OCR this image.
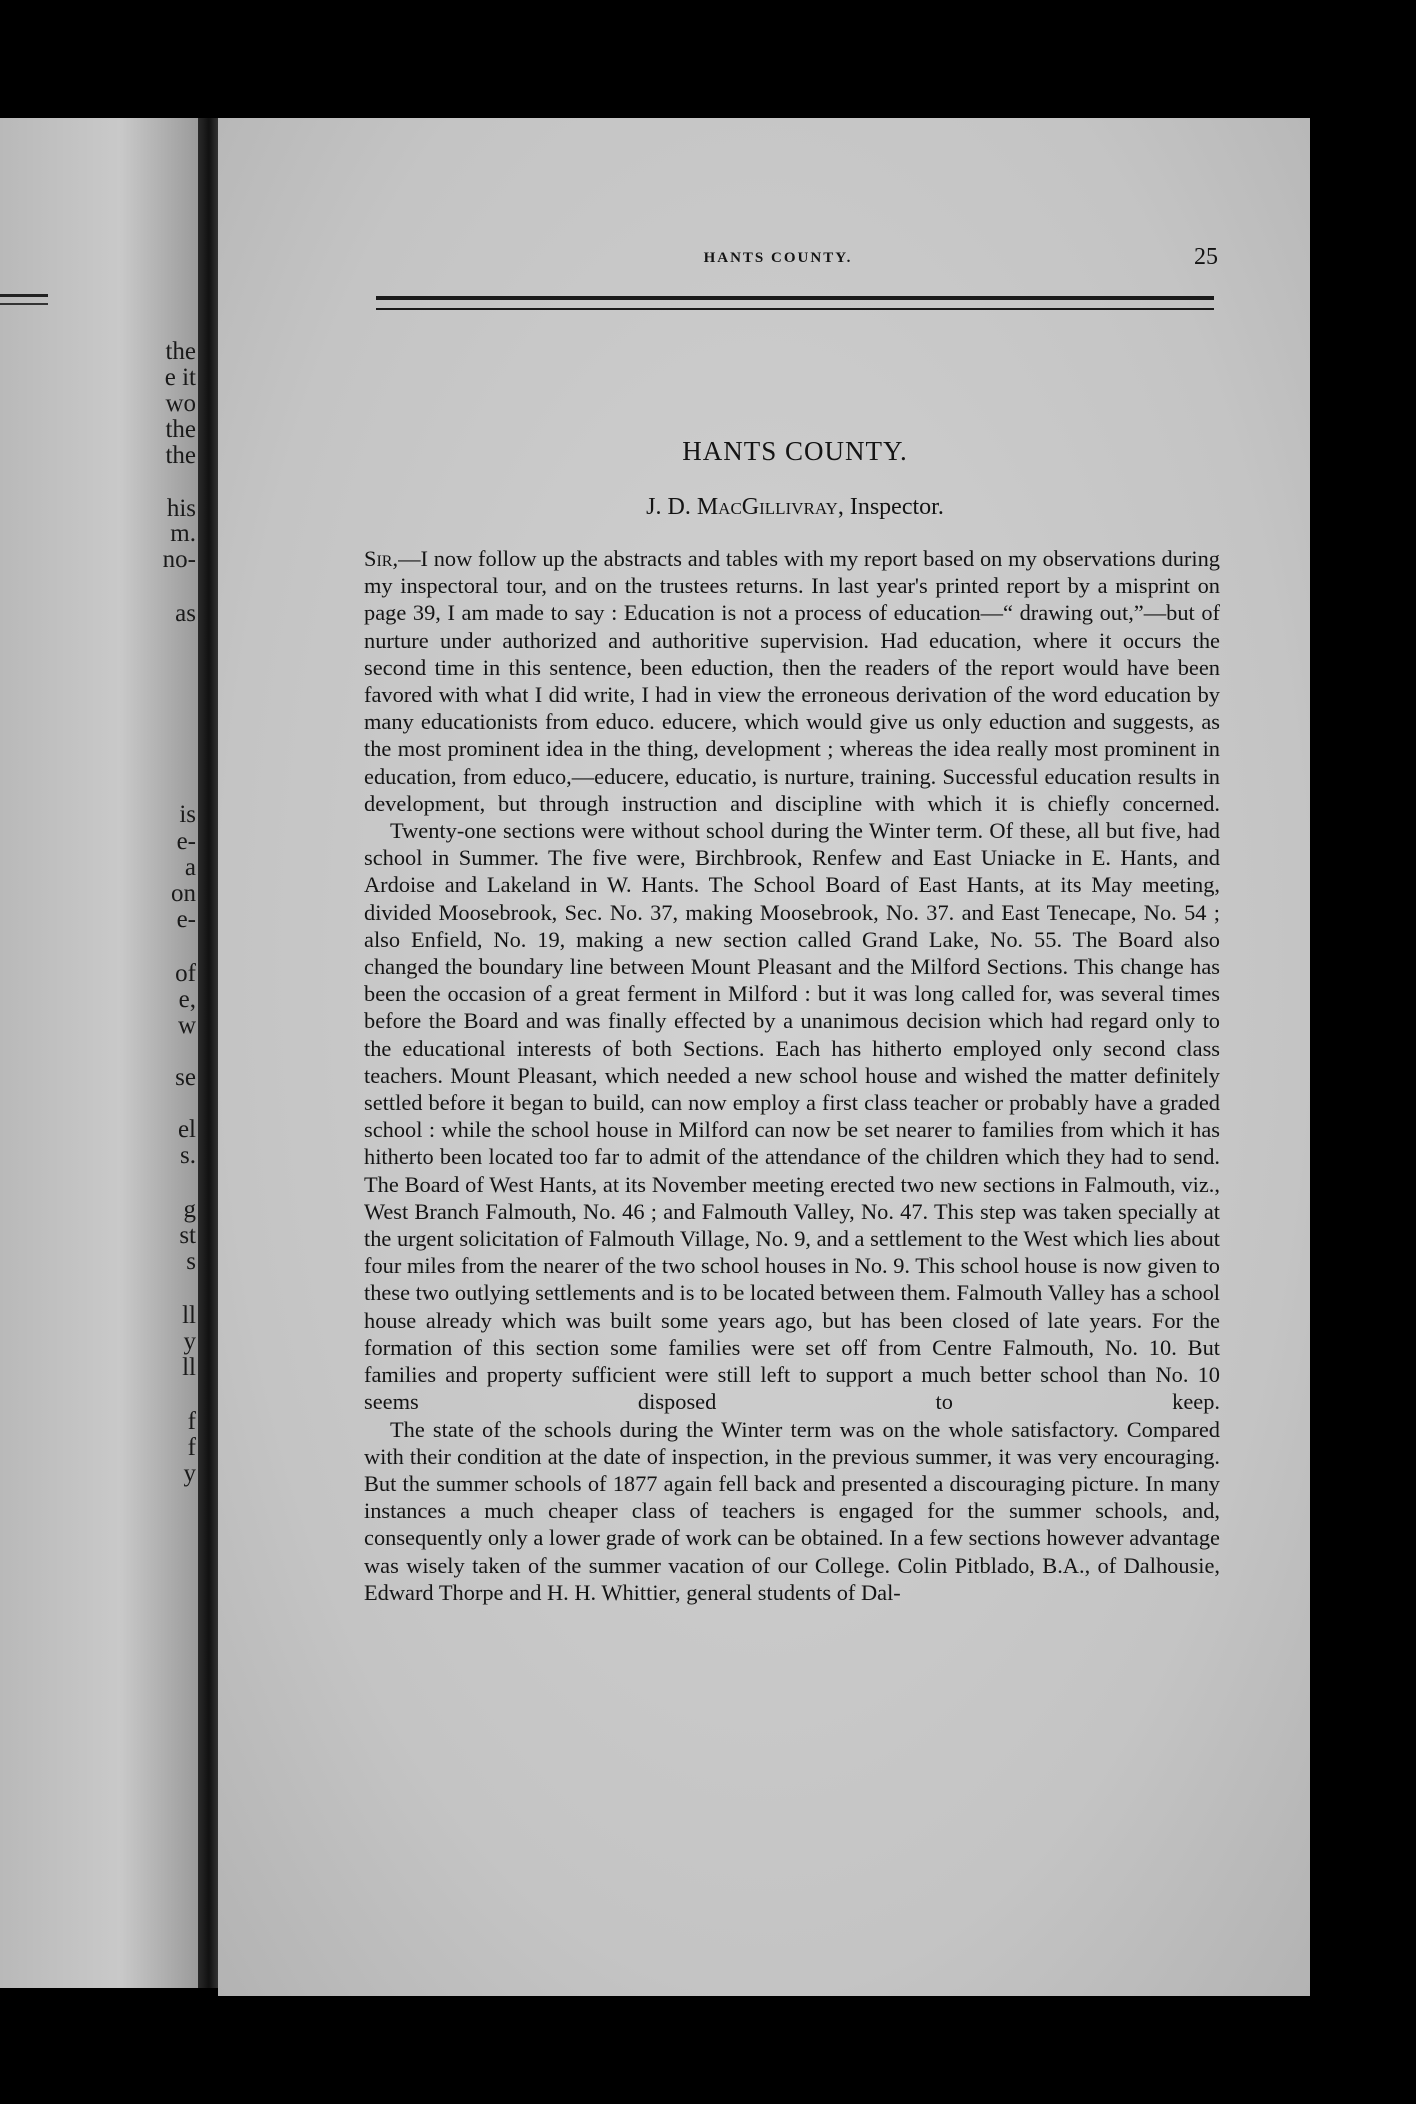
the
e it
wo
the
the
his
m.
no-
as
is
e-
a
on
e-
of
e,
w
se
el
s.
g
st
s
ll
y
ll
f
f
y
HANTS COUNTY.	25
HANTS COUNTY.
J. D. MacGillivray, Inspector.

Sir,—I now follow up the abstracts and tables with my report based on my observations during my inspectoral tour, and on the trustees returns. In last year's printed report by a misprint on page 39, I am made to say : Education is not a process of education—“ drawing out,”—but of nurture under authorized and authoritive supervision. Had education, where it occurs the second time in this sentence, been eduction, then the readers of the report would have been favored with what I did write, I had in view the erroneous derivation of the word education by many educationists from educo. educere, which would give us only eduction and suggests, as the most prominent idea in the thing, development ; whereas the idea really most prominent in education, from educo,—educere, educatio, is nurture, training. Successful education results in development, but through instruction and discipline with which it is chiefly concerned.

Twenty-one sections were without school during the Winter term. Of these, all but five, had school in Summer. The five were, Birchbrook, Renfew and East Uniacke in E. Hants, and Ardoise and Lakeland in W. Hants. The School Board of East Hants, at its May meeting, divided Moosebrook, Sec. No. 37, making Moosebrook, No. 37. and East Tenecape, No. 54 ; also Enfield, No. 19, making a new section called Grand Lake, No. 55. The Board also changed the boundary line between Mount Pleasant and the Milford Sections. This change has been the occasion of a great ferment in Milford : but it was long called for, was several times before the Board and was finally effected by a unanimous decision which had regard only to the educational interests of both Sections. Each has hitherto employed only second class teachers. Mount Pleasant, which needed a new school house and wished the matter definitely settled before it began to build, can now employ a first class teacher or probably have a graded school : while the school house in Milford can now be set nearer to families from which it has hitherto been located too far to admit of the attendance of the children which they had to send. The Board of West Hants, at its November meeting erected two new sections in Falmouth, viz., West Branch Falmouth, No. 46 ; and Falmouth Valley, No. 47. This step was taken specially at the urgent solicitation of Falmouth Village, No. 9, and a settlement to the West which lies about four miles from the nearer of the two school houses in No. 9. This school house is now given to these two outlying settlements and is to be located between them. Falmouth Valley has a school house already which was built some years ago, but has been closed of late years. For the formation of this section some families were set off from Centre Falmouth, No. 10. But families and property sufficient were still left to support a much better school than No. 10 seems disposed to keep.

The state of the schools during the Winter term was on the whole satisfactory. Compared with their condition at the date of inspection, in the previous summer, it was very encouraging. But the summer schools of 1877 again fell back and presented a discouraging picture. In many instances a much cheaper class of teachers is engaged for the summer schools, and, consequently only a lower grade of work can be obtained. In a few sections however advantage was wisely taken of the summer vacation of our College. Colin Pitblado, B.A., of Dalhousie, Edward Thorpe and H. H. Whittier, general students of Dal-
